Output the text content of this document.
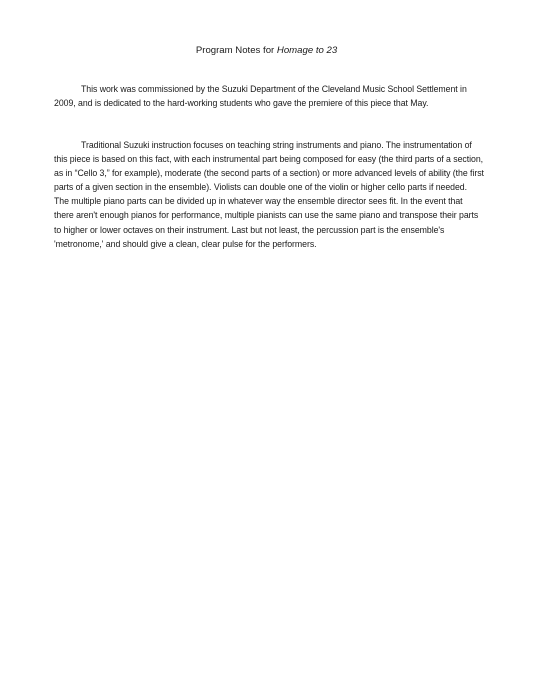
Program Notes for Homage to 23

This work was commissioned by the Suzuki Department of the Cleveland Music School Settlement in 2009, and is dedicated to the hard-working students who gave the premiere of this piece that May.

Traditional Suzuki instruction focuses on teaching string instruments and piano. The instrumentation of this piece is based on this fact, with each instrumental part being composed for easy (the third parts of a section, as in “Cello 3,” for example), moderate (the second parts of a section) or more advanced levels of ability (the first parts of a given section in the ensemble). Violists can double one of the violin or higher cello parts if needed. The multiple piano parts can be divided up in whatever way the ensemble director sees fit. In the event that there aren't enough pianos for performance, multiple pianists can use the same piano and transpose their parts to higher or lower octaves on their instrument. Last but not least, the percussion part is the ensemble's 'metronome,' and should give a clean, clear pulse for the performers.
